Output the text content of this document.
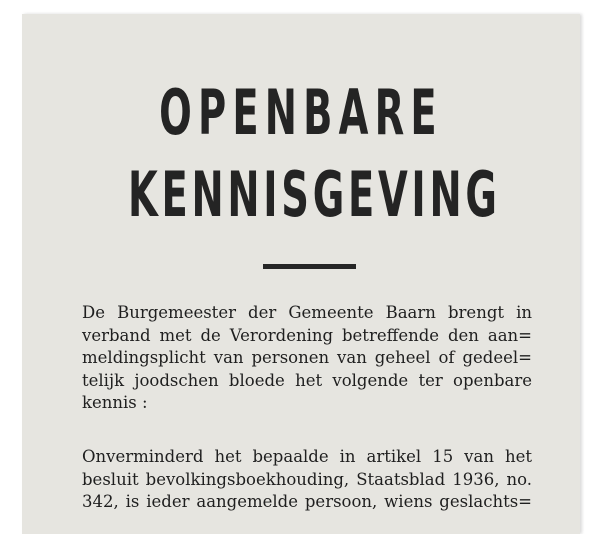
OPENBARE
KENNISGEVING

De Burgemeester der Gemeente Baarn brengt in
verband met de Verordening betreffende den aan=
meldingsplicht van personen van geheel of gedeel=
telijk joodschen bloede het volgende ter openbare
kennis :

Onverminderd het bepaalde in artikel 15 van het
besluit bevolkingsboekhouding, Staatsblad 1936, no.
342, is ieder aangemelde persoon, wiens geslachts=
